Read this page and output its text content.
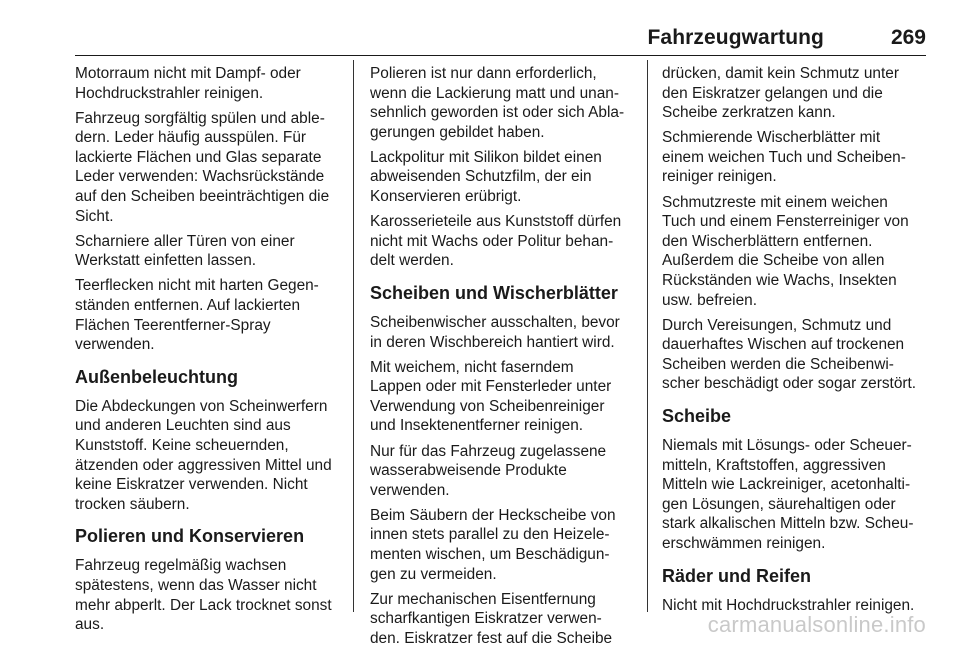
Fahrzeugwartung	269

Motorraum nicht mit Dampf- oder
Hochdruckstrahler reinigen.

Fahrzeug sorgfältig spülen und able-
dern. Leder häufig ausspülen. Für
lackierte Flächen und Glas separate
Leder verwenden: Wachsrückstände
auf den Scheiben beeinträchtigen die
Sicht.

Scharniere aller Türen von einer
Werkstatt einfetten lassen.

Teerflecken nicht mit harten Gegen-
ständen entfernen. Auf lackierten
Flächen Teerentferner-Spray
verwenden.

Außenbeleuchtung

Die Abdeckungen von Scheinwerfern
und anderen Leuchten sind aus
Kunststoff. Keine scheuernden,
ätzenden oder aggressiven Mittel und
keine Eiskratzer verwenden. Nicht
trocken säubern.

Polieren und Konservieren

Fahrzeug regelmäßig wachsen
spätestens, wenn das Wasser nicht
mehr abperlt. Der Lack trocknet sonst
aus.

Polieren ist nur dann erforderlich,
wenn die Lackierung matt und unan-
sehnlich geworden ist oder sich Abla-
gerungen gebildet haben.

Lackpolitur mit Silikon bildet einen
abweisenden Schutzfilm, der ein
Konservieren erübrigt.

Karosserieteile aus Kunststoff dürfen
nicht mit Wachs oder Politur behan-
delt werden.

Scheiben und Wischerblätter

Scheibenwischer ausschalten, bevor
in deren Wischbereich hantiert wird.

Mit weichem, nicht faserndem
Lappen oder mit Fensterleder unter
Verwendung von Scheibenreiniger
und Insektenentferner reinigen.

Nur für das Fahrzeug zugelassene
wasserabweisende Produkte
verwenden.

Beim Säubern der Heckscheibe von
innen stets parallel zu den Heizele-
menten wischen, um Beschädigun-
gen zu vermeiden.

Zur mechanischen Eisentfernung
scharfkantigen Eiskratzer verwen-
den. Eiskratzer fest auf die Scheibe

drücken, damit kein Schmutz unter
den Eiskratzer gelangen und die
Scheibe zerkratzen kann.

Schmierende Wischerblätter mit
einem weichen Tuch und Scheiben-
reiniger reinigen.

Schmutzreste mit einem weichen
Tuch und einem Fensterreiniger von
den Wischerblättern entfernen.
Außerdem die Scheibe von allen
Rückständen wie Wachs, Insekten
usw. befreien.

Durch Vereisungen, Schmutz und
dauerhaftes Wischen auf trockenen
Scheiben werden die Scheibenwi-
scher beschädigt oder sogar zerstört.

Scheibe

Niemals mit Lösungs- oder Scheuer-
mitteln, Kraftstoffen, aggressiven
Mitteln wie Lackreiniger, acetonhalti-
gen Lösungen, säurehaltigen oder
stark alkalischen Mitteln bzw. Scheu-
erschwämmen reinigen.

Räder und Reifen

Nicht mit Hochdruckstrahler reinigen.

carmanualsonline.info
